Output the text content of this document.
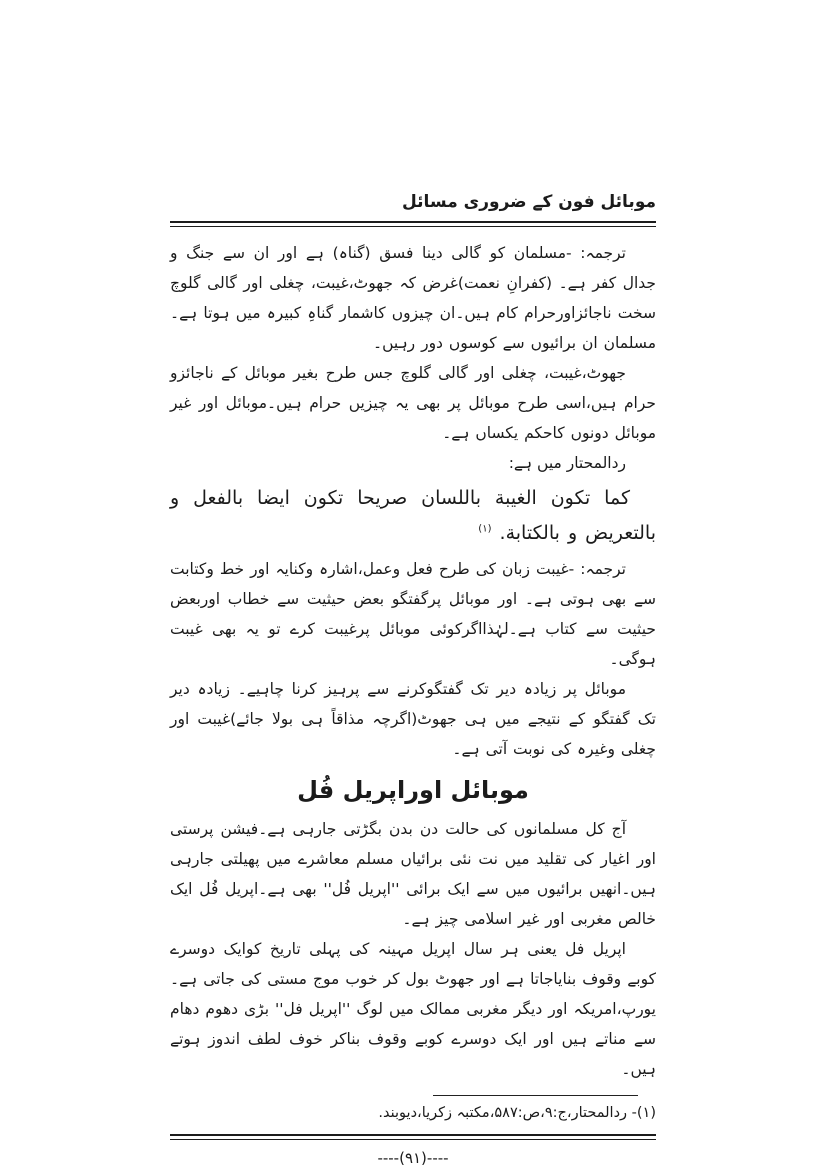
موبائل فون کے ضروری مسائل

ترجمہ: -مسلمان کو گالی دینا فسق (گناہ) ہے اور ان سے جنگ و جدال کفر ہے۔ (کفرانِ نعمت)غرض کہ جھوٹ،غیبت، چغلی اور گالی گلوچ سخت ناجائزاورحرام کام ہیں۔ان چیزوں کاشمار گناہِ کبیرہ میں ہوتا ہے۔مسلمان ان برائیوں سے کوسوں دور رہیں۔

جھوٹ،غیبت، چغلی اور گالی گلوچ جس طرح بغیر موبائل کے ناجائزو حرام ہیں،اسی طرح موبائل پر بھی یہ چیزیں حرام ہیں۔موبائل اور غیر موبائل دونوں کاحکم یکساں ہے۔

ردالمحتار میں ہے:

كما تكون الغيبة باللسان صريحا تكون ايضا بالفعل و بالتعريض و بالكتابة. $^{(١)}$

ترجمہ: -غیبت زبان کی طرح فعل وعمل،اشارہ وکنایہ اور خط وکتابت سے بھی ہوتی ہے۔ اور موبائل پرگفتگو بعض حیثیت سے خطاب اوربعض حیثیت سے کتاب ہے۔لہٰذااگرکوئی موبائل پرغیبت کرے تو یہ بھی غیبت ہوگی۔

موبائل پر زیادہ دیر تک گفتگوکرنے سے پرہیز کرنا چاہیے۔ زیادہ دیر تک گفتگو کے نتیجے میں ہی جھوٹ(اگرچہ مذاقاً ہی بولا جائے)غیبت اور چغلی وغیرہ کی نوبت آتی ہے۔

موبائل اوراپریل فُل

آج کل مسلمانوں کی حالت دن بدن بگڑتی جارہی ہے۔فیشن پرستی اور اغیار کی تقلید میں نت نئی برائیاں مسلم معاشرے میں پھیلتی جارہی ہیں۔انھیں برائیوں میں سے ایک برائی ''اپریل فُل'' بھی ہے۔اپریل فُل ایک خالص مغربی اور غیر اسلامی چیز ہے۔

اپریل فل یعنی ہر سال اپریل مہینہ کی پہلی تاریخ کوایک دوسرے کوبے وقوف بنایاجاتا ہے اور جھوٹ بول کر خوب موج مستی کی جاتی ہے۔یورپ،امریکہ اور دیگر مغربی ممالک میں لوگ ''اپریل فل'' بڑی دھوم دھام سے مناتے ہیں اور ایک دوسرے کوبے وقوف بناکر خوف لطف اندوز ہوتے ہیں۔

(۱)- ردالمحتار،ج:۹،ص:۵۸۷،مکتبہ زکریا،دیوبند.

----(۹۱)----
